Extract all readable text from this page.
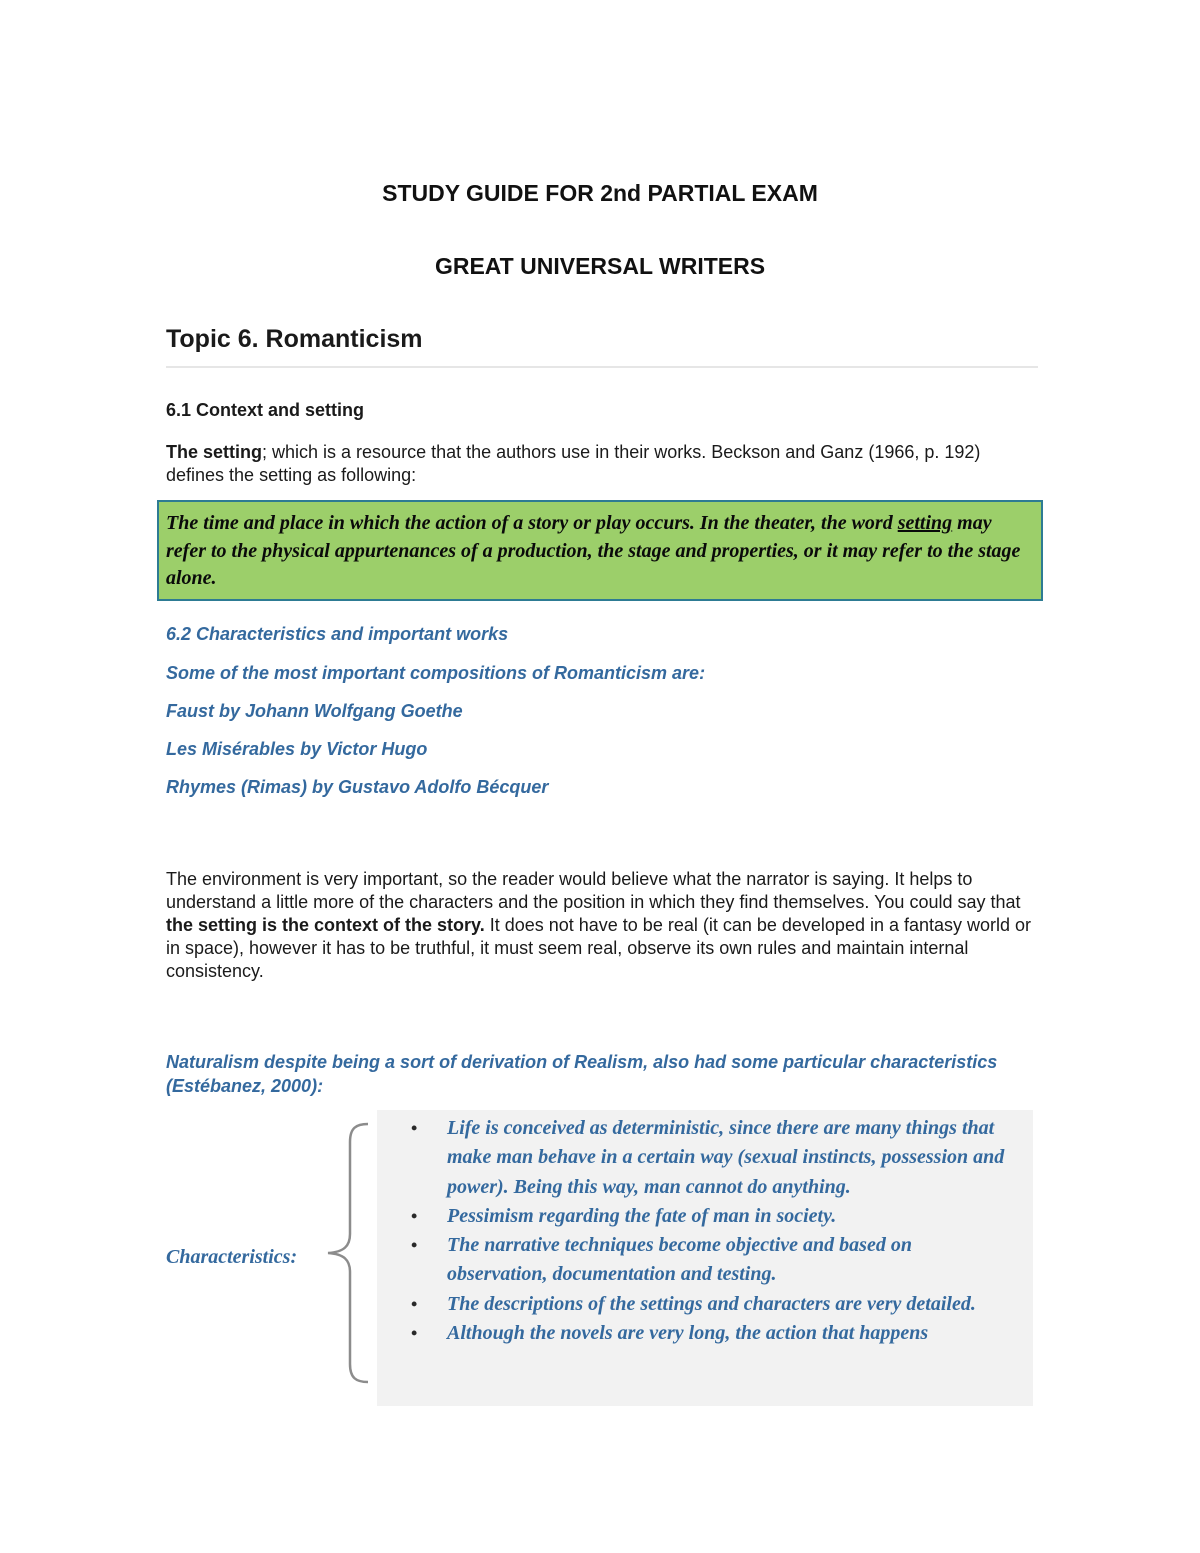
STUDY GUIDE FOR 2nd PARTIAL EXAM
GREAT UNIVERSAL WRITERS
Topic 6. Romanticism
6.1 Context and setting

The setting; which is a resource that the authors use in their works. Beckson and Ganz (1966, p. 192) defines the setting as following:

The time and place in which the action of a story or play occurs. In the theater, the word setting may refer to the physical appurtenances of a production, the stage and properties, or it may refer to the stage alone.

6.2 Characteristics and important works
Some of the most important compositions of Romanticism are:
Faust by Johann Wolfgang Goethe
Les Misérables by Victor Hugo
Rhymes (Rimas) by Gustavo Adolfo Bécquer

The environment is very important, so the reader would believe what the narrator is saying. It helps to understand a little more of the characters and the position in which they find themselves. You could say that the setting is the context of the story. It does not have to be real (it can be developed in a fantasy world or in space), however it has to be truthful, it must seem real, observe its own rules and maintain internal consistency.

Naturalism despite being a sort of derivation of Realism, also had some particular characteristics (Estébanez, 2000):

Characteristics:
• Life is conceived as deterministic, since there are many things that make man behave in a certain way (sexual instincts, possession and power). Being this way, man cannot do anything.
• Pessimism regarding the fate of man in society.
• The narrative techniques become objective and based on observation, documentation and testing.
• The descriptions of the settings and characters are very detailed.
• Although the novels are very long, the action that happens
